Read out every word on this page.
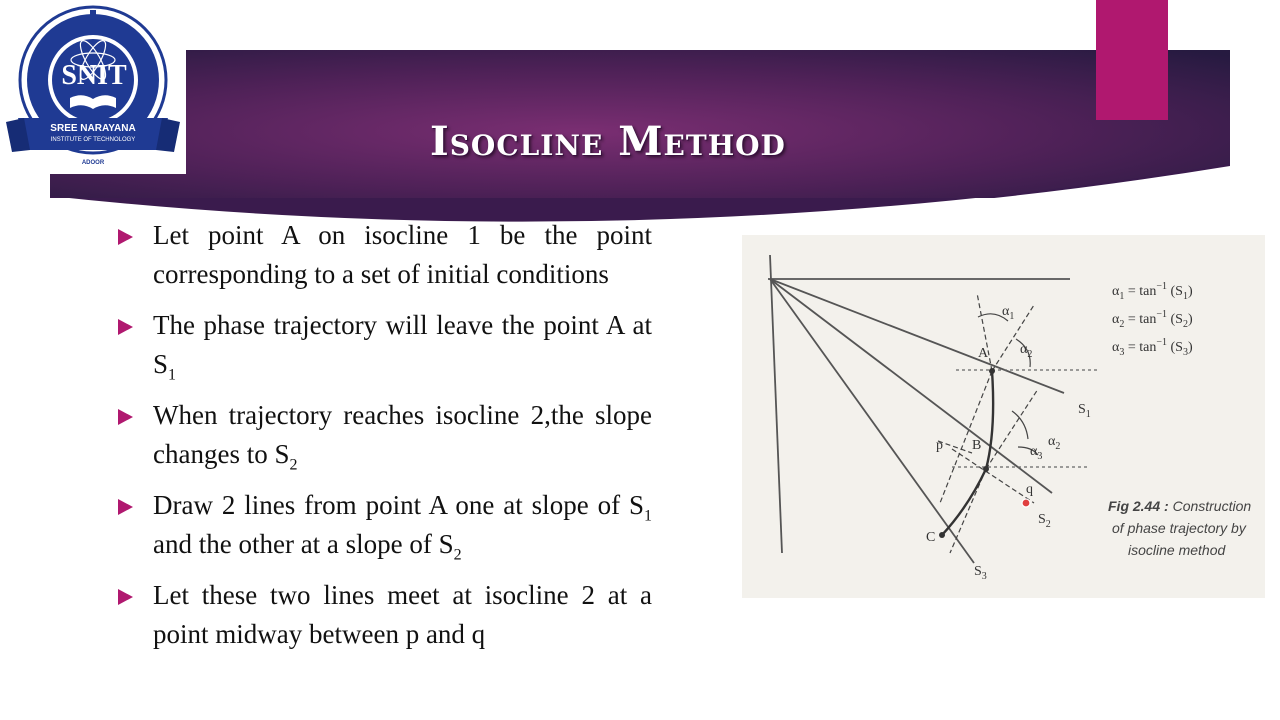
Isocline Method
SNIT
SREE NARAYANA
INSTITUTE OF TECHNOLOGY
ADOOR
Let point A on isocline 1 be the point corresponding to a set of initial conditions
The phase trajectory will leave the point A at $S_1$
When trajectory reaches isocline 2,the slope changes to $S_2$
Draw 2 lines from point A one at slope of $S_1$ and the other at a slope of $S_2$
Let these two lines meet at isocline 2 at a point midway between p and q
A
B
C
p
q
$S_1$
$S_2$
$S_3$
$\alpha_1$
$\alpha_2$
$\alpha_2$
$\alpha_3$
$\alpha_1 = \tan^{-1} (S_1)$
$\alpha_2 = \tan^{-1} (S_2)$
$\alpha_3 = \tan^{-1} (S_3)$
Fig 2.44 : Construction
of phase trajectory by
isocline method
